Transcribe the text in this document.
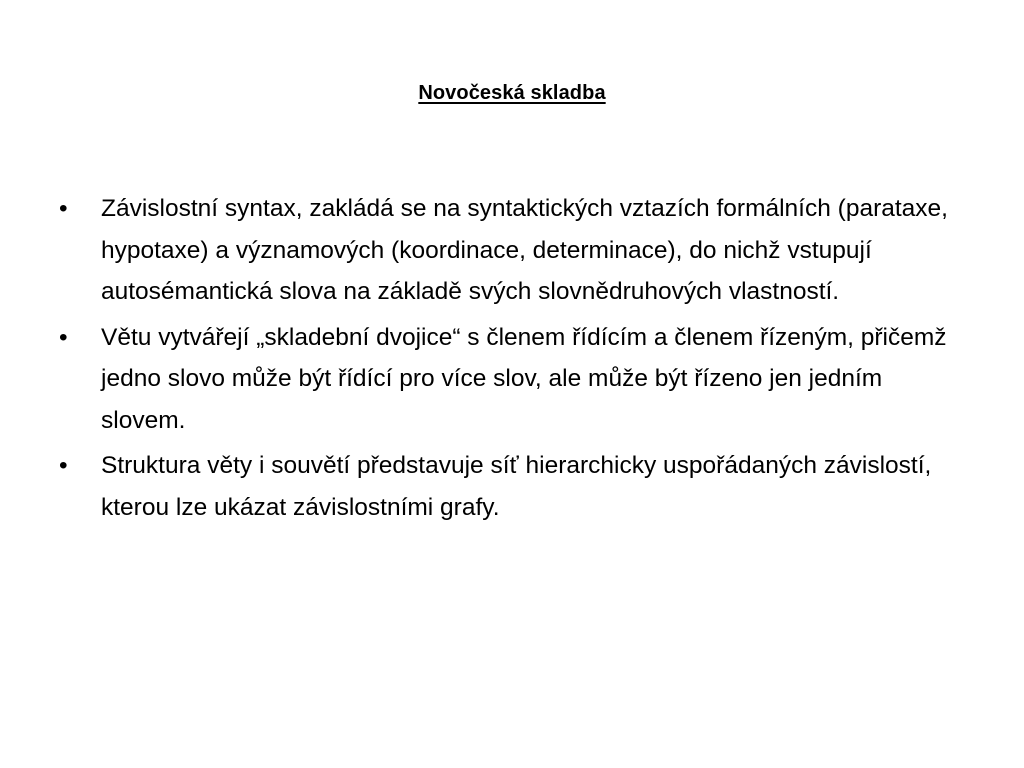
Novočeská skladba
•	Závislostní syntax, zakládá se na syntaktických vztazích formálních (parataxe, hypotaxe) a významových (koordinace, determinace), do nichž vstupují autosémantická slova na základě svých slovnědruhových vlastností.
•	Větu vytvářejí „skladební dvojice“ s členem řídícím a členem řízeným, přičemž jedno slovo může být řídící pro více slov, ale může být řízeno jen jedním slovem.
•	Struktura věty i souvětí představuje síť hierarchicky uspořádaných závislostí, kterou lze ukázat závislostními grafy.
